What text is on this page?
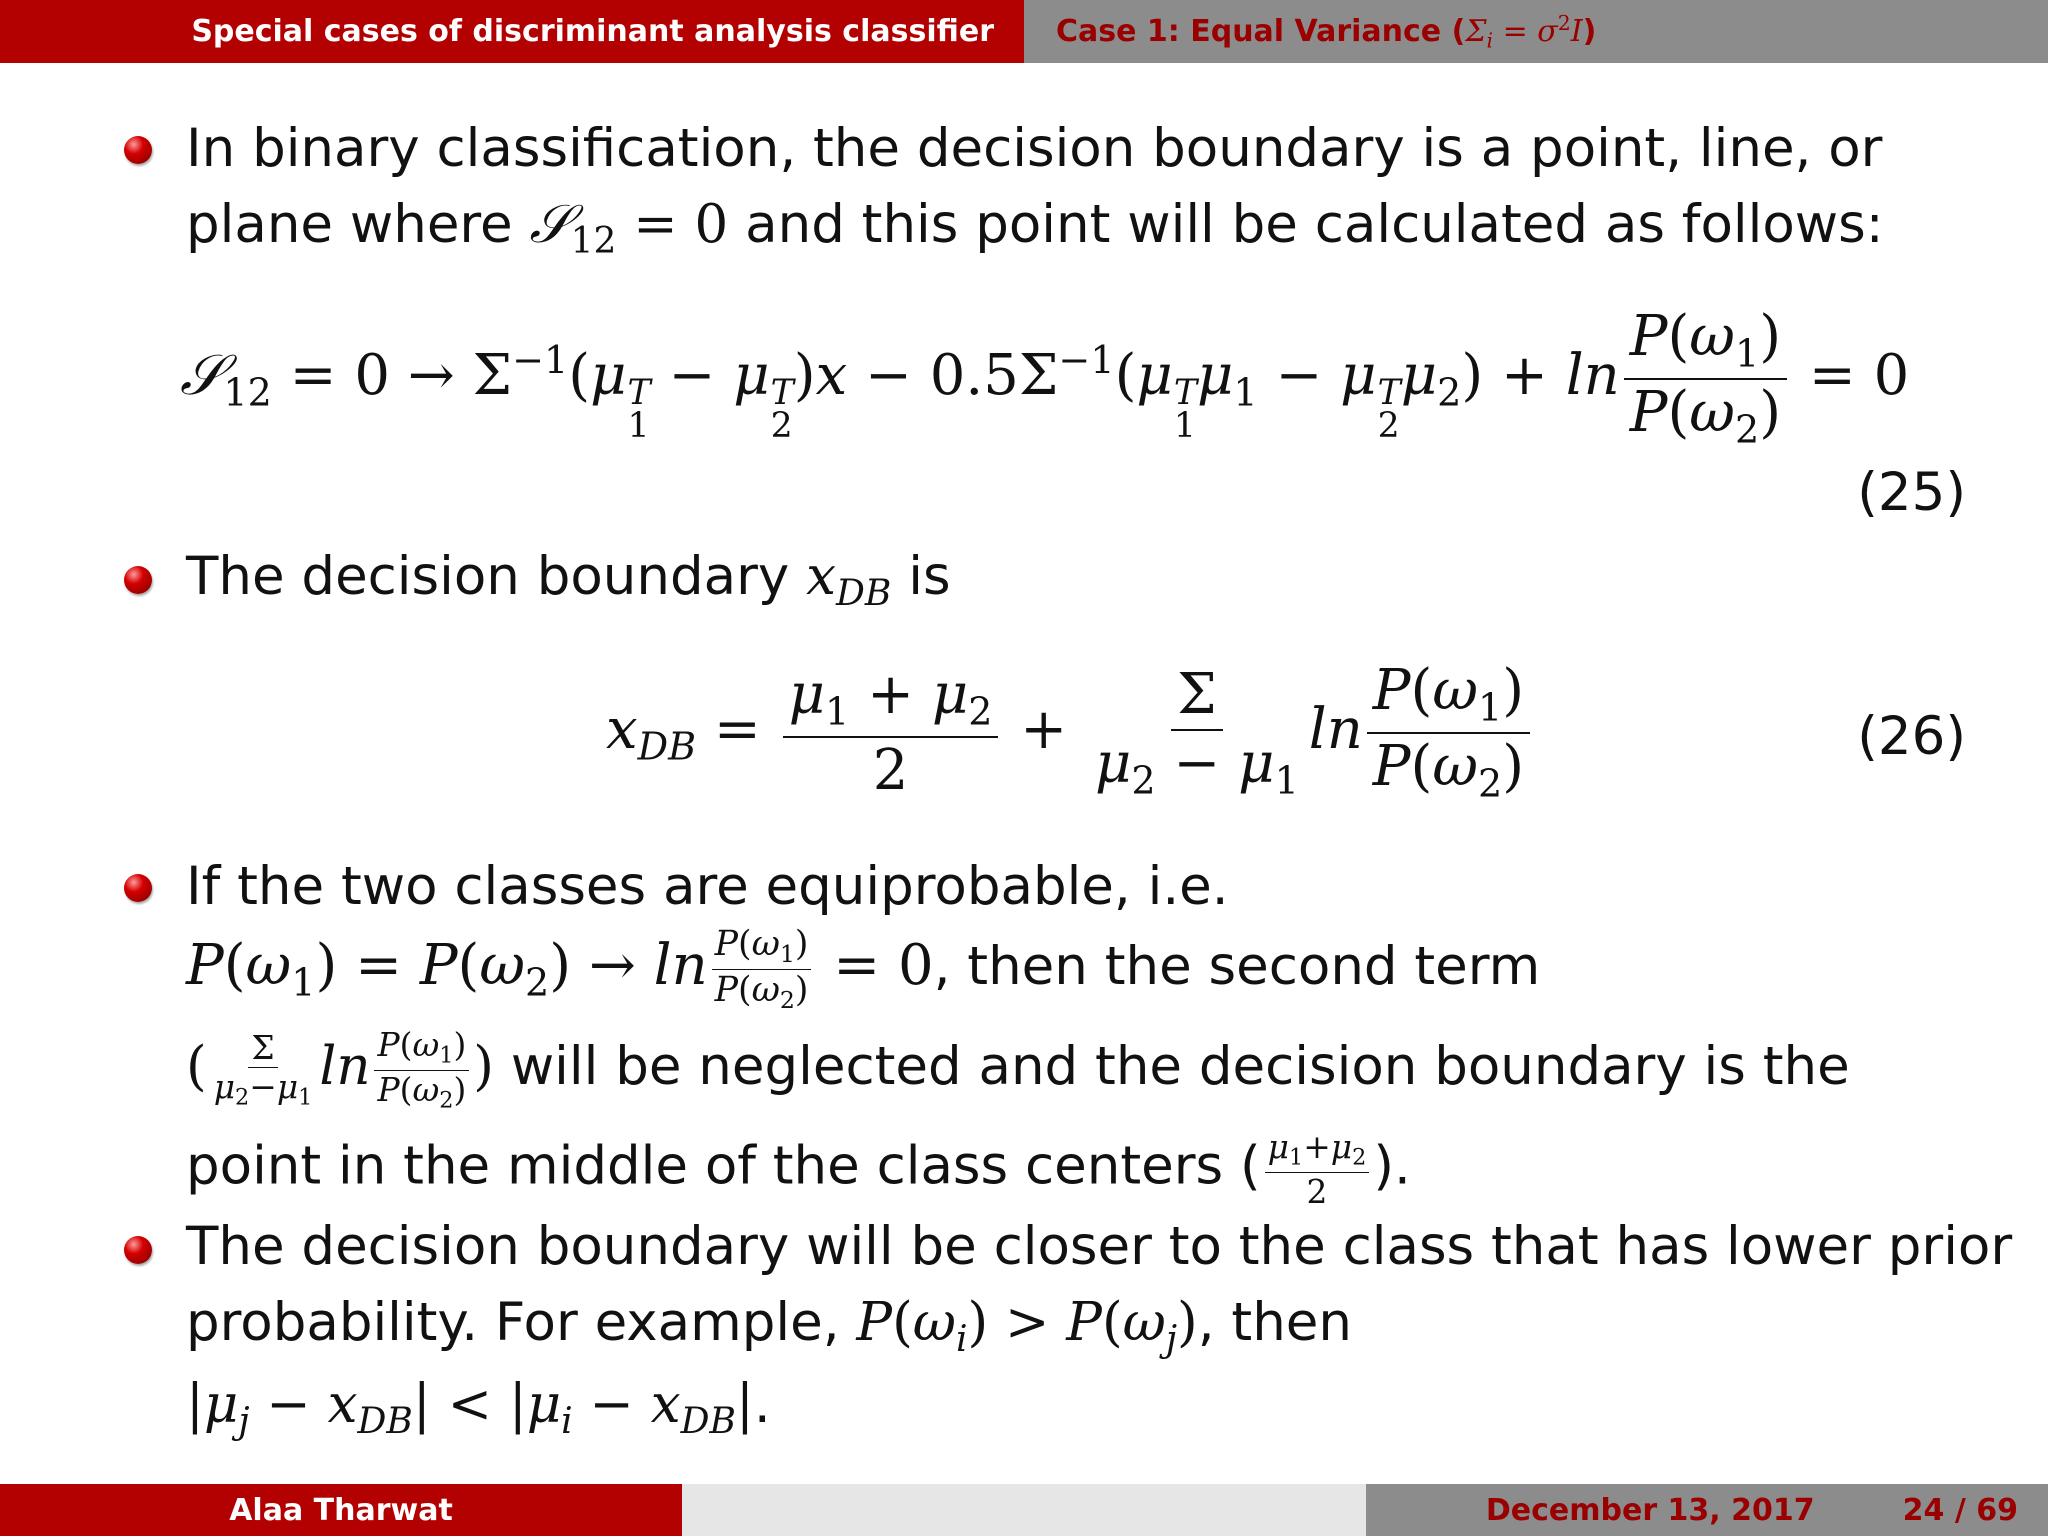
Special cases of discriminant analysis classifier Case 1: Equal Variance ( $\Sigma_i = \sigma^2I$ )
In binary classification, the decision boundary is a point, line, or
plane where 𝒮$_{12}$ = 0 and this point will be calculated as follows:
𝒮$_{12}$ = $0 \to \Sigma^{-1}(\mu$ T
1
− μ T
2
)$x - 0.5\Sigma^{-1}(\mu$ T
1
$\mu_1 - \mu$ T
2
$\mu_2) + \ln \frac{P(\omega_1)}{P(\omega_2)} = 0$
(25)
The decision boundary $x_{DB}$ is
$x_{DB} = \frac{\mu_1 + \mu_2}{2} + \frac{\Sigma}{\mu_2 - \mu_1}$ $\ln \frac{P(\omega_1)}{P(\omega_2)}$	(26)
If the two classes are equiprobable, i.e.
$P(\omega_1) = P(\omega_2) \to \ln \frac{P(\omega_1)}{P(\omega_2)} = 0$, then the second term
( $\frac{\Sigma}{\mu_2-\mu_1}$ $\ln \frac{P(\omega_1)}{P(\omega_2)}$ ) will be neglected and the decision boundary is the
point in the middle of the class centers ( $\frac{\mu_1+\mu_2}{2}$ ).
The decision boundary will be closer to the class that has lower prior
probability. For example, $P(\omega_i) > P(\omega_j)$, then
$|\mu_j - x_{DB}| < |\mu_i - x_{DB}|$.
Alaa Tharwat	December 13, 2017	24 / 69
